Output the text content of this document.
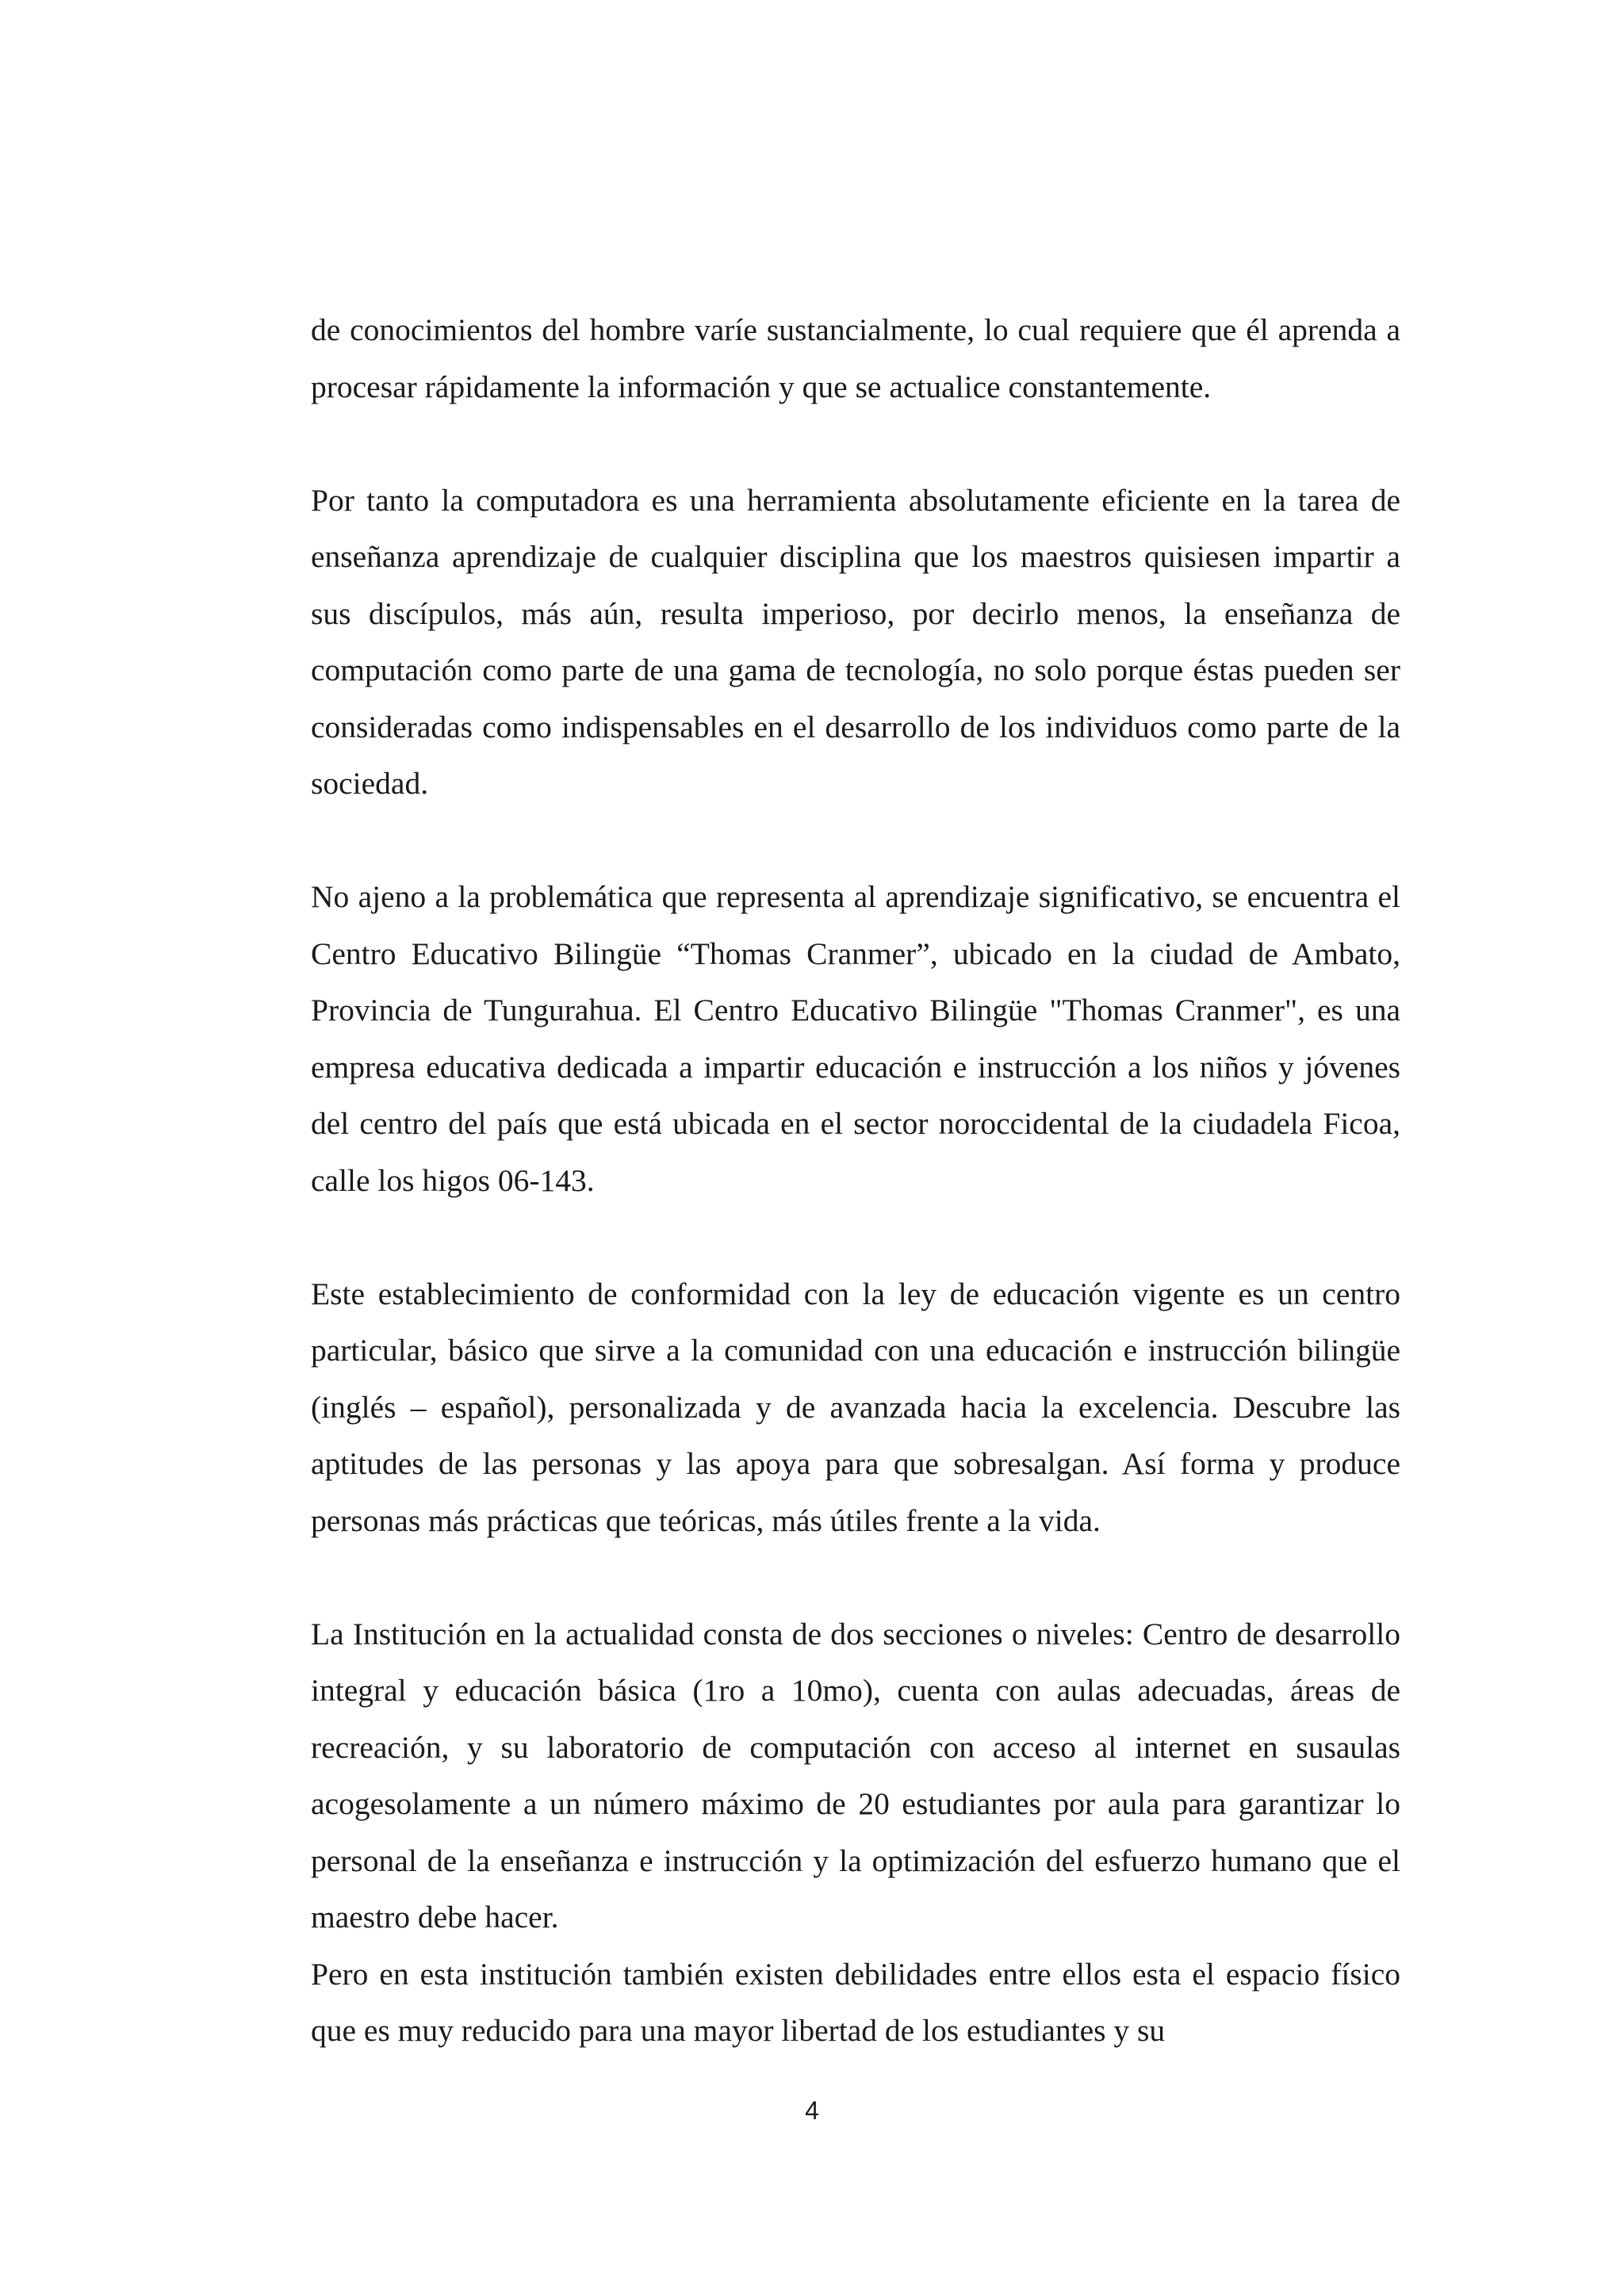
de conocimientos del hombre varíe sustancialmente, lo cual requiere que él aprenda a procesar rápidamente la información y que se actualice constantemente.

Por tanto la computadora es una herramienta absolutamente eficiente en la tarea de enseñanza aprendizaje de cualquier disciplina que los maestros quisiesen impartir a sus discípulos, más aún, resulta imperioso, por decirlo menos, la enseñanza de computación como parte de una gama de tecnología, no solo porque éstas pueden ser consideradas como indispensables en el desarrollo de los individuos como parte de la sociedad.

No ajeno a la problemática que representa al aprendizaje significativo, se encuentra el Centro Educativo Bilingüe “Thomas Cranmer”, ubicado en la ciudad de Ambato, Provincia de Tungurahua. El Centro Educativo Bilingüe "Thomas Cranmer", es una empresa educativa dedicada a impartir educación e instrucción a los niños y jóvenes del centro del país que está ubicada en el sector noroccidental de la ciudadela Ficoa, calle los higos 06-143.

Este establecimiento de conformidad con la ley de educación vigente es un centro particular, básico que sirve a la comunidad con una educación e instrucción bilingüe (inglés – español), personalizada y de avanzada hacia la excelencia. Descubre las aptitudes de las personas y las apoya para que sobresalgan. Así forma y produce personas más prácticas que teóricas, más útiles frente a la vida.

La Institución en la actualidad consta de dos secciones o niveles: Centro de desarrollo integral y educación básica (1ro a 10mo), cuenta con aulas adecuadas, áreas de recreación, y su laboratorio de computación con acceso al internet en susaulas acogesolamente a un número máximo de 20 estudiantes por aula para garantizar lo personal de la enseñanza e instrucción y la optimización del esfuerzo humano que el maestro debe hacer.

Pero en esta institución también existen debilidades entre ellos esta el espacio físico que es muy reducido para una mayor libertad de los estudiantes y su

4
